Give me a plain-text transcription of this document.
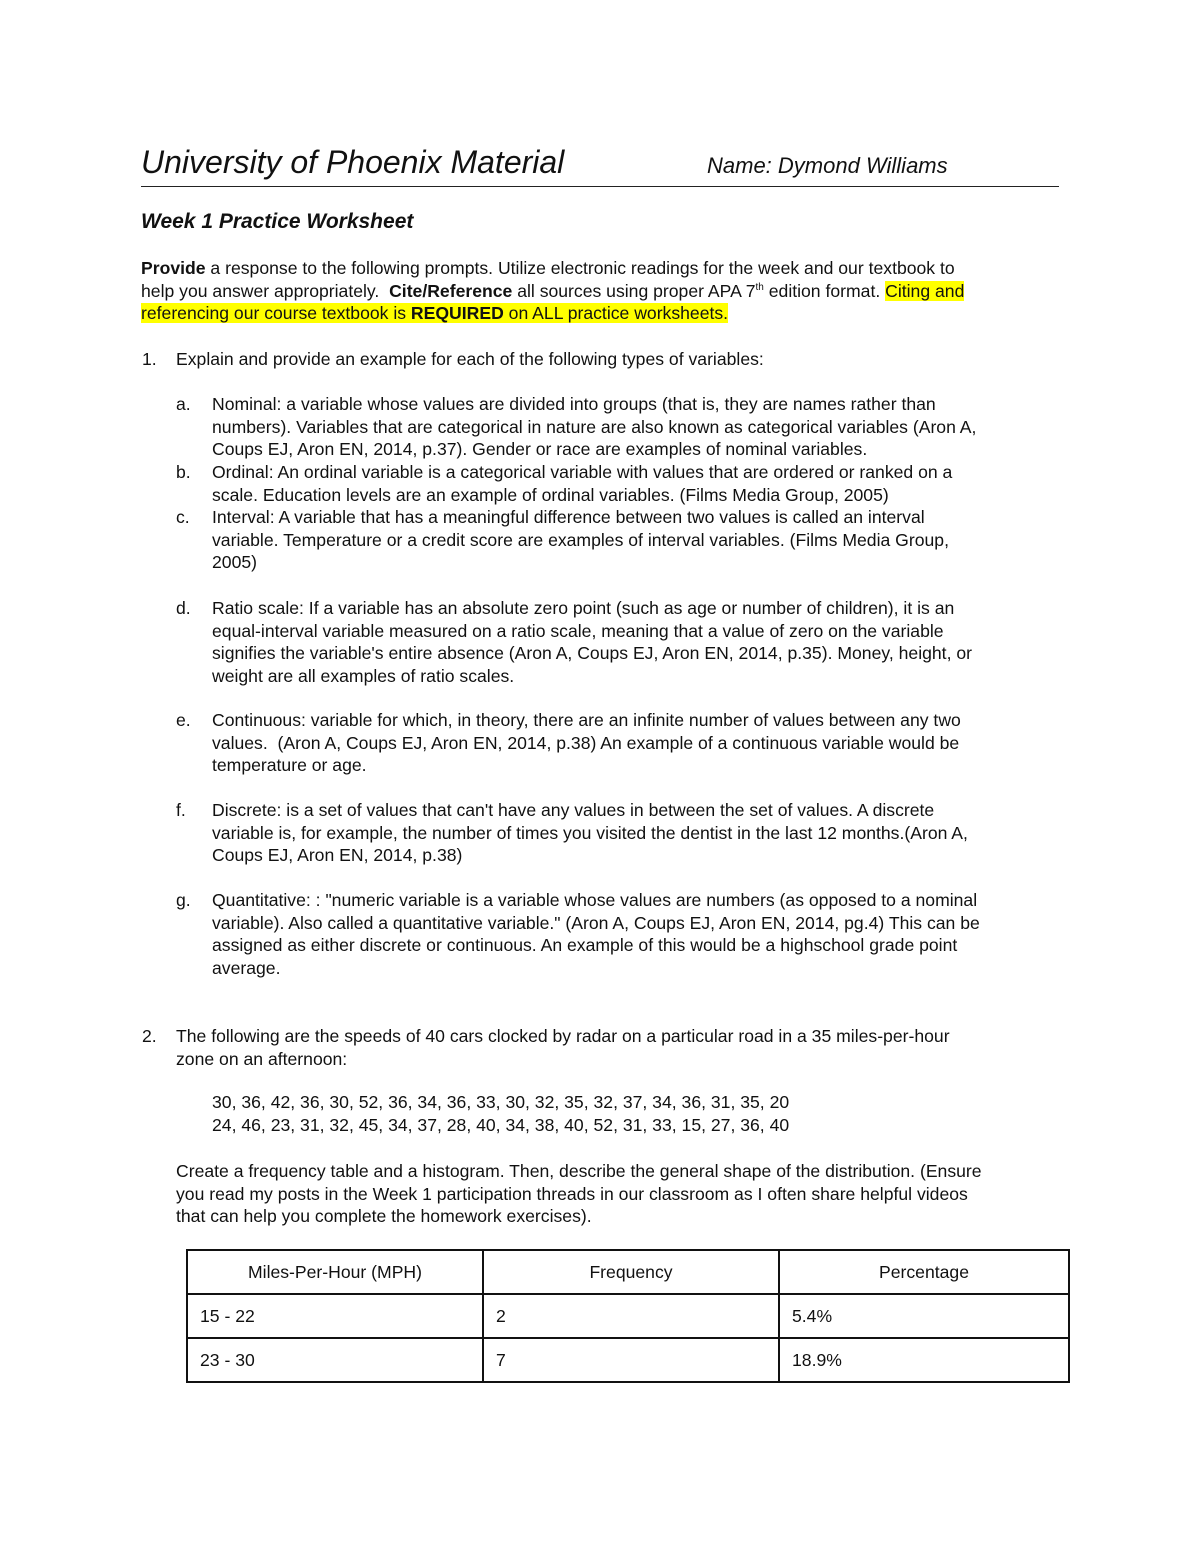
University of Phoenix Material	Name: Dymond Williams
Week 1 Practice Worksheet
Provide a response to the following prompts. Utilize electronic readings for the week and our textbook to
help you answer appropriately.  Cite/Reference all sources using proper APA 7th edition format. Citing and
referencing our course textbook is REQUIRED on ALL practice worksheets.
1. Explain and provide an example for each of the following types of variables:
a. Nominal: a variable whose values are divided into groups (that is, they are names rather than
numbers). Variables that are categorical in nature are also known as categorical variables (Aron A,
Coups EJ, Aron EN, 2014, p.37). Gender or race are examples of nominal variables.
b. Ordinal: An ordinal variable is a categorical variable with values that are ordered or ranked on a
scale. Education levels are an example of ordinal variables. (Films Media Group, 2005)
c. Interval: A variable that has a meaningful difference between two values is called an interval
variable. Temperature or a credit score are examples of interval variables. (Films Media Group,
2005)
d. Ratio scale: If a variable has an absolute zero point (such as age or number of children), it is an
equal-interval variable measured on a ratio scale, meaning that a value of zero on the variable
signifies the variable's entire absence (Aron A, Coups EJ, Aron EN, 2014, p.35). Money, height, or
weight are all examples of ratio scales.
e. Continuous: variable for which, in theory, there are an infinite number of values between any two
values.  (Aron A, Coups EJ, Aron EN, 2014, p.38) An example of a continuous variable would be
temperature or age.
f. Discrete: is a set of values that can't have any values in between the set of values. A discrete
variable is, for example, the number of times you visited the dentist in the last 12 months.(Aron A,
Coups EJ, Aron EN, 2014, p.38)
g. Quantitative: : "numeric variable is a variable whose values are numbers (as opposed to a nominal
variable). Also called a quantitative variable." (Aron A, Coups EJ, Aron EN, 2014, pg.4) This can be
assigned as either discrete or continuous. An example of this would be a highschool grade point
average.
2. The following are the speeds of 40 cars clocked by radar on a particular road in a 35 miles-per-hour
zone on an afternoon:
30, 36, 42, 36, 30, 52, 36, 34, 36, 33, 30, 32, 35, 32, 37, 34, 36, 31, 35, 20
24, 46, 23, 31, 32, 45, 34, 37, 28, 40, 34, 38, 40, 52, 31, 33, 15, 27, 36, 40
Create a frequency table and a histogram. Then, describe the general shape of the distribution. (Ensure
you read my posts in the Week 1 participation threads in our classroom as I often share helpful videos
that can help you complete the homework exercises).
Miles-Per-Hour (MPH)	Frequency	Percentage
15 - 22	2	5.4%
23 - 30	7	18.9%
